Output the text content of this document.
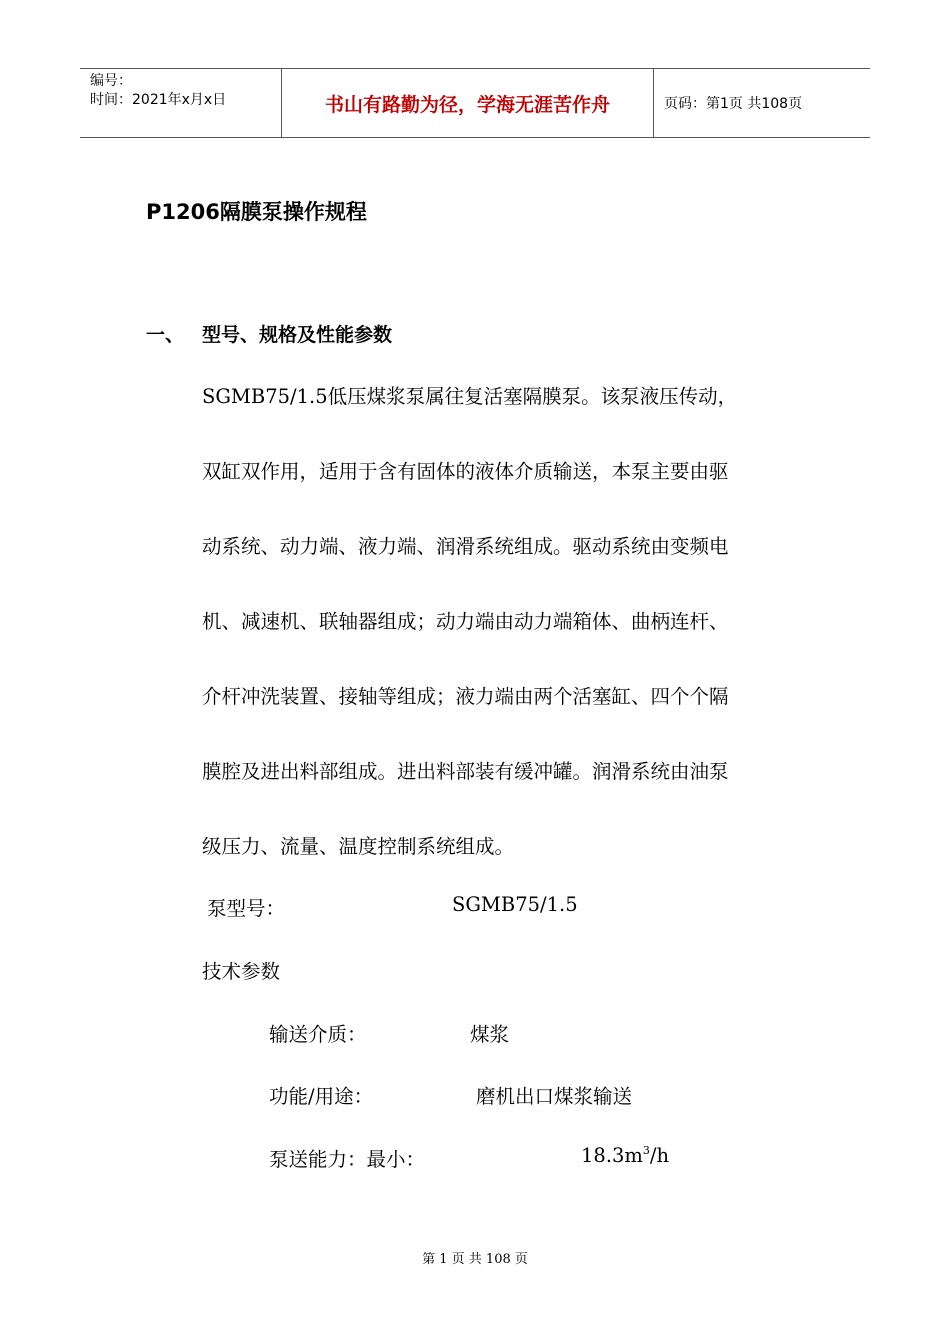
编号：
时间：2021年x月x日	书山有路勤为径，学海无涯苦作舟	页码：第1页 共108页
P1206隔膜泵操作规程
一、 型号、规格及性能参数
SGMB75/1.5低压煤浆泵属往复活塞隔膜泵。该泵液压传动，
双缸双作用，适用于含有固体的液体介质输送，本泵主要由驱
动系统、动力端、液力端、润滑系统组成。驱动系统由变频电
机、减速机、联轴器组成；动力端由动力端箱体、曲柄连杆、
介杆冲洗装置、接轴等组成；液力端由两个活塞缸、四个个隔
膜腔及进出料部组成。进出料部装有缓冲罐。润滑系统由油泵
级压力、流量、温度控制系统组成。
泵型号：	SGMB75/1.5
技术参数
输送介质：	煤浆
功能/用途：	磨机出口煤浆输送
泵送能力：最小：	$18.3m^3/h$
第 1 页 共 108 页
